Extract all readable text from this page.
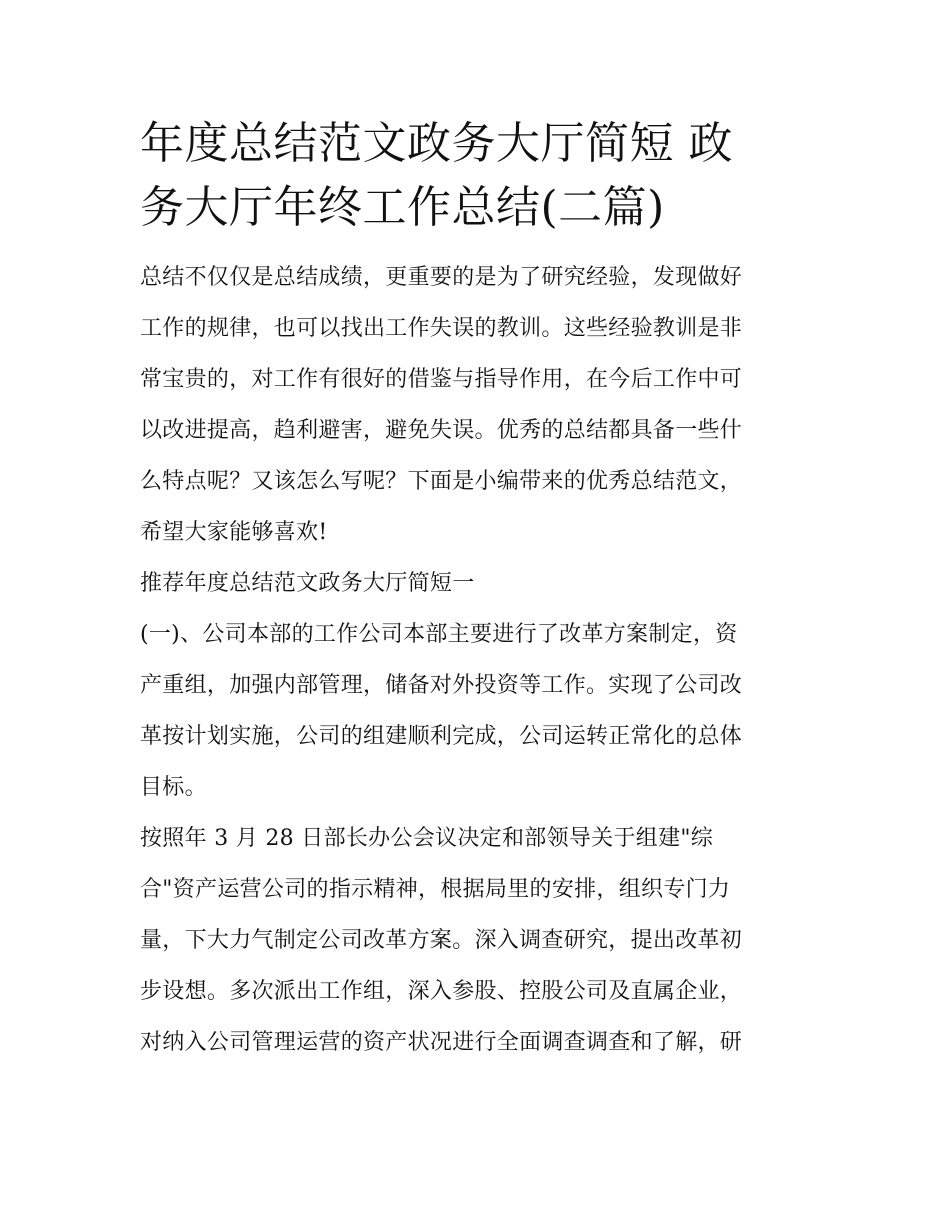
年度总结范文政务大厅简短 政
务大厅年终工作总结(二篇)
总结不仅仅是总结成绩，更重要的是为了研究经验，发现做好
工作的规律，也可以找出工作失误的教训。这些经验教训是非
常宝贵的，对工作有很好的借鉴与指导作用，在今后工作中可
以改进提高，趋利避害，避免失误。优秀的总结都具备一些什
么特点呢？又该怎么写呢？下面是小编带来的优秀总结范文，
希望大家能够喜欢!
推荐年度总结范文政务大厅简短一
(一)、公司本部的工作公司本部主要进行了改革方案制定，资
产重组，加强内部管理，储备对外投资等工作。实现了公司改
革按计划实施，公司的组建顺利完成，公司运转正常化的总体
目标。
按照年 3 月 28 日部长办公会议决定和部领导关于组建"综
合"资产运营公司的指示精神，根据局里的安排，组织专门力
量，下大力气制定公司改革方案。深入调查研究，提出改革初
步设想。多次派出工作组，深入参股、控股公司及直属企业，
对纳入公司管理运营的资产状况进行全面调查调查和了解，研
